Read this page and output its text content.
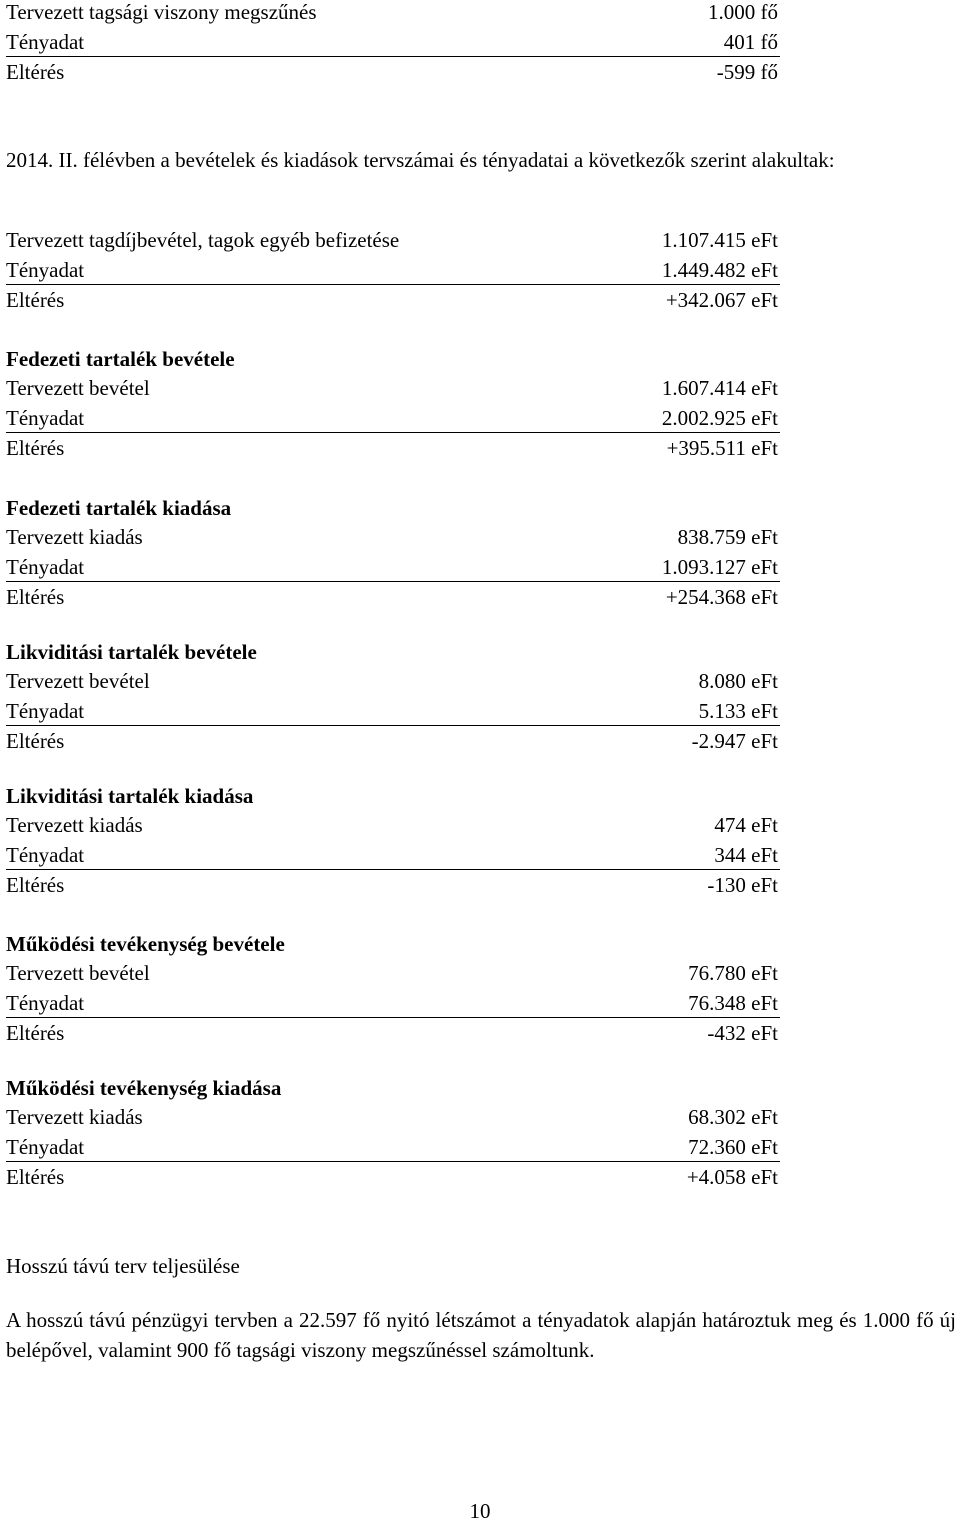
Tervezett tagsági viszony megszűnés	1.000 fő
Tényadat	401 fő
Eltérés	-599 fő
2014. II. félévben a bevételek és kiadások tervszámai és tényadatai a következők szerint alakultak:
Tervezett tagdíjbevétel, tagok egyéb befizetése	1.107.415 eFt
Tényadat	1.449.482 eFt
Eltérés	+342.067 eFt
Fedezeti tartalék bevétele
Tervezett bevétel	1.607.414 eFt
Tényadat	2.002.925 eFt
Eltérés	+395.511 eFt
Fedezeti tartalék kiadása
Tervezett kiadás	838.759 eFt
Tényadat	1.093.127 eFt
Eltérés	+254.368 eFt
Likviditási tartalék bevétele
Tervezett bevétel	8.080 eFt
Tényadat	5.133 eFt
Eltérés	-2.947 eFt
Likviditási tartalék kiadása
Tervezett kiadás	474 eFt
Tényadat	344 eFt
Eltérés	-130 eFt
Működési tevékenység bevétele
Tervezett bevétel	76.780 eFt
Tényadat	76.348 eFt
Eltérés	-432 eFt
Működési tevékenység kiadása
Tervezett kiadás	68.302 eFt
Tényadat	72.360 eFt
Eltérés	+4.058 eFt
Hosszú távú terv teljesülése
A hosszú távú pénzügyi tervben a 22.597 fő nyitó létszámot a tényadatok alapján határoztuk meg és 1.000 fő új belépővel, valamint 900 fő tagsági viszony megszűnéssel számoltunk.
10
